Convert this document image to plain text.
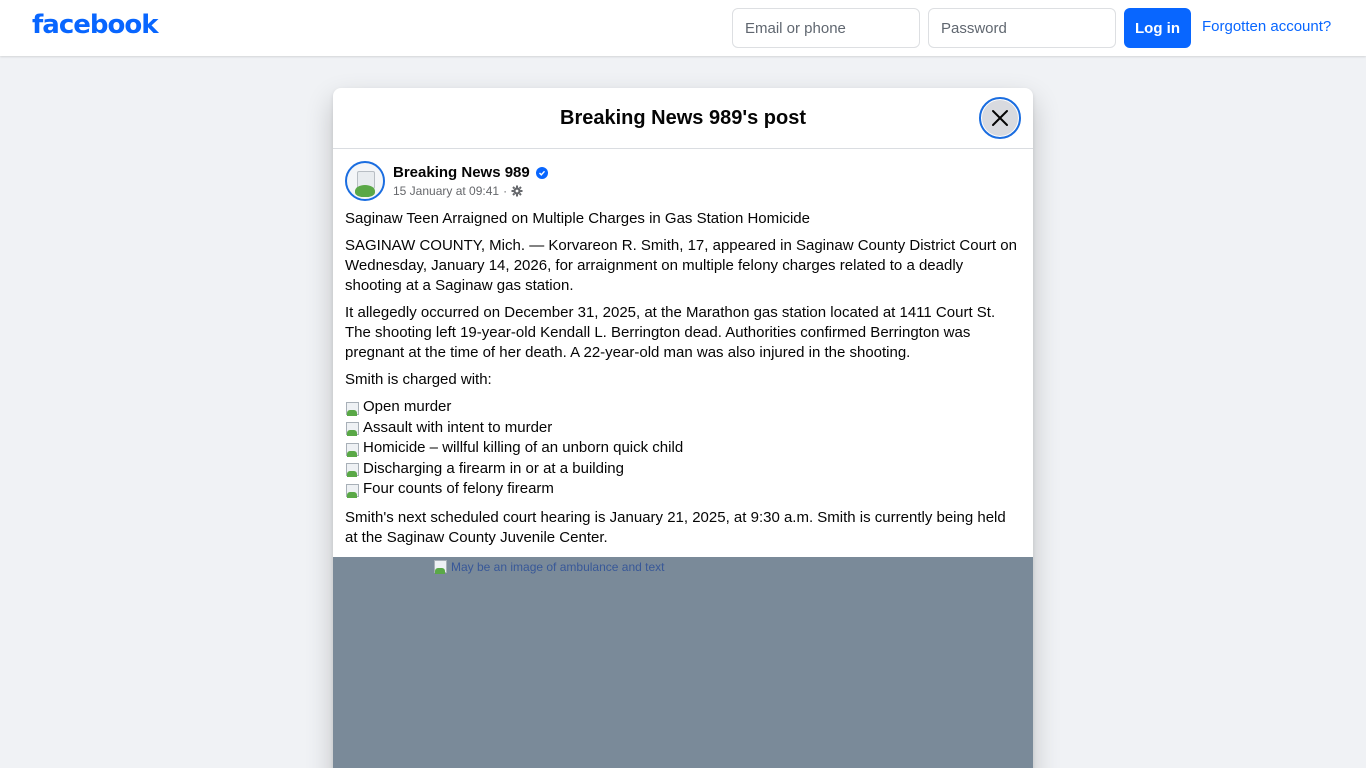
facebook
Email or phone	Log in	Forgotten account?
Breaking News 989's post
Breaking News 989
15 January at 09:41 ·

Saginaw Teen Arraigned on Multiple Charges in Gas Station Homicide

SAGINAW COUNTY, Mich. — Korvareon R. Smith, 17, appeared in Saginaw County District Court on Wednesday, January 14, 2026, for arraignment on multiple felony charges related to a deadly shooting at a Saginaw gas station.

It allegedly occurred on December 31, 2025, at the Marathon gas station located at 1411 Court St. The shooting left 19-year-old Kendall L. Berrington dead. Authorities confirmed Berrington was pregnant at the time of her death. A 22-year-old man was also injured in the shooting.

Smith is charged with:

Open murder
Assault with intent to murder
Homicide – willful killing of an unborn quick child
Discharging a firearm in or at a building
Four counts of felony firearm

Smith's next scheduled court hearing is January 21, 2025, at 9:30 a.m. Smith is currently being held at the Saginaw County Juvenile Center.

May be an image of ambulance and text
